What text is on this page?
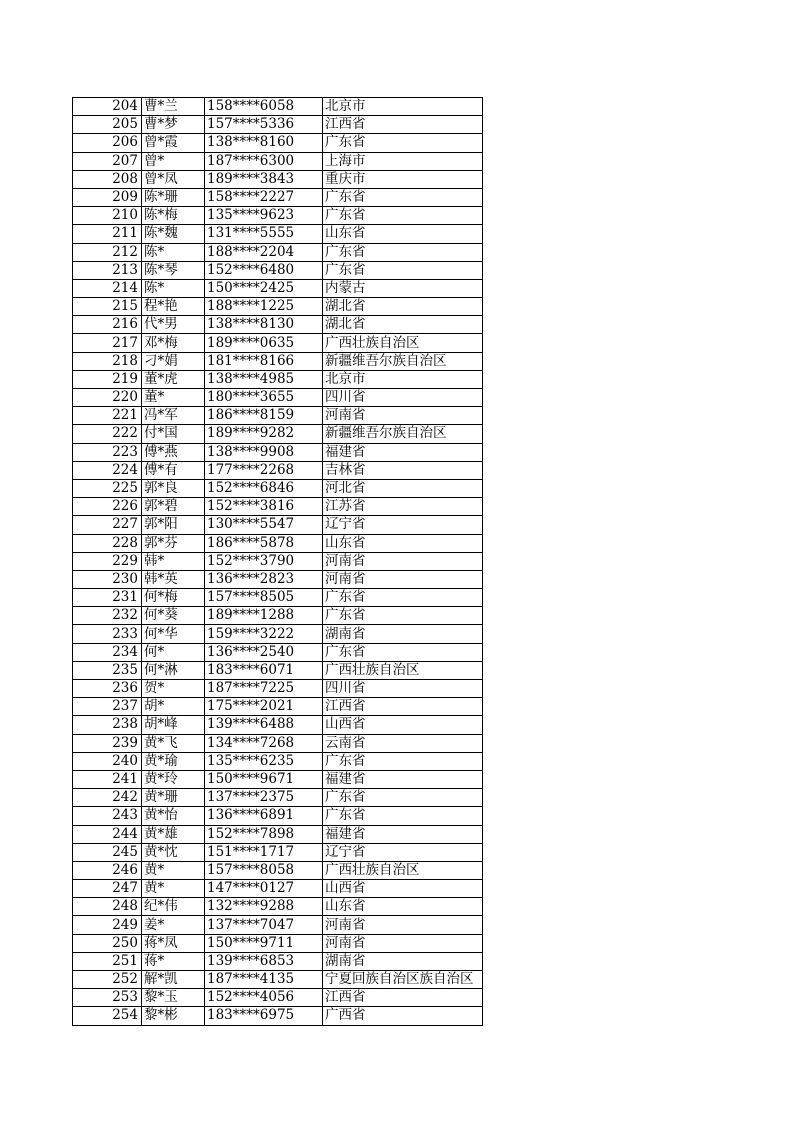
204	曹*兰	158****6058	北京市
205	曹*梦	157****5336	江西省
206	曾*霞	138****8160	广东省
207	曾*	187****6300	上海市
208	曾*凤	189****3843	重庆市
209	陈*珊	158****2227	广东省
210	陈*梅	135****9623	广东省
211	陈*魏	131****5555	山东省
212	陈*	188****2204	广东省
213	陈*琴	152****6480	广东省
214	陈*	150****2425	内蒙古
215	程*艳	188****1225	湖北省
216	代*男	138****8130	湖北省
217	邓*梅	189****0635	广西壮族自治区
218	刁*娟	181****8166	新疆维吾尔族自治区
219	董*虎	138****4985	北京市
220	董*	180****3655	四川省
221	冯*军	186****8159	河南省
222	付*国	189****9282	新疆维吾尔族自治区
223	傅*燕	138****9908	福建省
224	傅*有	177****2268	吉林省
225	郭*良	152****6846	河北省
226	郭*碧	152****3816	江苏省
227	郭*阳	130****5547	辽宁省
228	郭*芬	186****5878	山东省
229	韩*	152****3790	河南省
230	韩*英	136****2823	河南省
231	何*梅	157****8505	广东省
232	何*葵	189****1288	广东省
233	何*华	159****3222	湖南省
234	何*	136****2540	广东省
235	何*淋	183****6071	广西壮族自治区
236	贺*	187****7225	四川省
237	胡*	175****2021	江西省
238	胡*峰	139****6488	山西省
239	黄*飞	134****7268	云南省
240	黄*瑜	135****6235	广东省
241	黄*玲	150****9671	福建省
242	黄*珊	137****2375	广东省
243	黄*怡	136****6891	广东省
244	黄*雄	152****7898	福建省
245	黄*忱	151****1717	辽宁省
246	黄*	157****8058	广西壮族自治区
247	黄*	147****0127	山西省
248	纪*伟	132****9288	山东省
249	姜*	137****7047	河南省
250	蒋*凤	150****9711	河南省
251	蒋*	139****6853	湖南省
252	解*凯	187****4135	宁夏回族自治区族自治区
253	黎*玉	152****4056	江西省
254	黎*彬	183****6975	广西省
